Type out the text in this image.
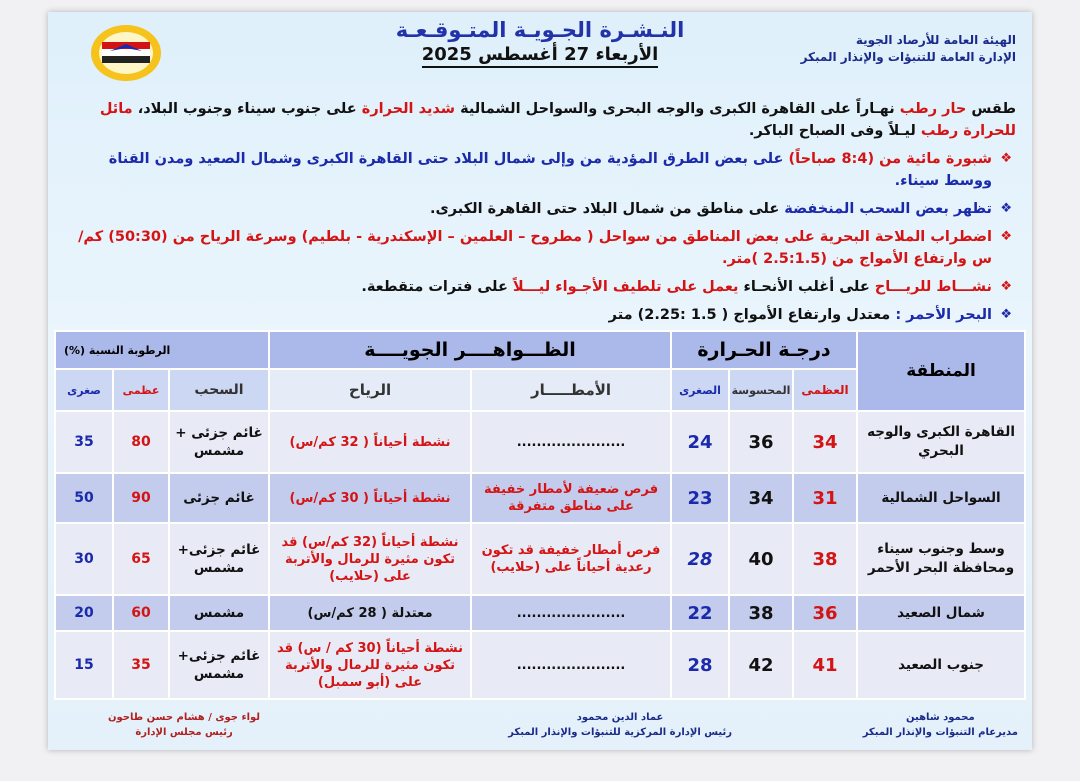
الهيئة العامة للأرصاد الجوية
الإدارة العامة للتنبؤات والإنذار المبكر
النـشـرة الجـويـة المتـوقـعـة
الأربعاء 27 أغسطس 2025
طقس حار رطب نهـاراً على القاهرة الكبرى والوجه البحرى والسواحل الشمالية شديد الحرارة على جنوب سيناء وجنوب البلاد، مائل للحرارة رطب ليـلاً وفى الصباح الباكر.
❖
شبورة مائية من (8:4 صباحاً) على بعض الطرق المؤدية من وإلى شمال البلاد حتى القاهرة الكبرى وشمال الصعيد ومدن القناة ووسط سيناء.
❖
تظهر بعض السحب المنخفضة على مناطق من شمال البلاد حتى القاهرة الكبرى.
❖
اضطراب الملاحة البحرية على بعض المناطق من سواحل ( مطروح – العلمين – الإسكندرية - بلطيم) وسرعة الرياح من (50:30) كم/س وارتفاع الأمواج من (2.5:1.5 )متر.
❖
نشـــاط للريـــاح على أغلب الأنحـاء يعمل على تلطيف الأجـواء ليـــلاً على فترات متقطعة.
❖
البحر الأحمر : معتدل وارتفاع الأمواج ( 1.5 :2.25) متر
المنطقة	درجـة الحـرارة			الظـــواهــــر الجويــــة		الرطوبة النسبة (%)		
	العظمى	المحسوسة	الصغرى	الأمطـــــار	الرياح	السحب	عظمى	صغرى
القاهرة الكبرى والوجه البحري	34	36	24	......................	نشطة أحياناً ( 32 كم/س)	غائم جزئى + مشمس	80	35
السواحل الشمالية	31	34	23	فرص ضعيفة لأمطار خفيفة على مناطق متفرقة	نشطة أحياناً ( 30 كم/س)	غائم جزئى	90	50
وسط وجنوب سيناء ومحافظة البحر الأحمر	38	40	28	فرص أمطار خفيفة قد تكون رعدية أحياناً على (حلايب)	نشطة أحياناً (32 كم/س) قد تكون مثيرة للرمال والأتربة على (حلايب)	غائم جزئى+ مشمس	65	30
شمال الصعيد	36	38	22	......................	معتدلة ( 28 كم/س)	مشمس	60	20
جنوب الصعيد	41	42	28	......................	نشطة أحياناً (30 كم / س) قد تكون مثيرة للرمال والأتربة على (أبو سمبل)	غائم جزئى+ مشمس	35	15
محمود شاهين
مديرعام التنبؤات والإنذار المبكر
عماد الدين محمود
رئيس الإدارة المركزية للتنبؤات والإنذار المبكر
لواء جوى / هشام حسن طاحون
رئيس مجلس الإدارة
